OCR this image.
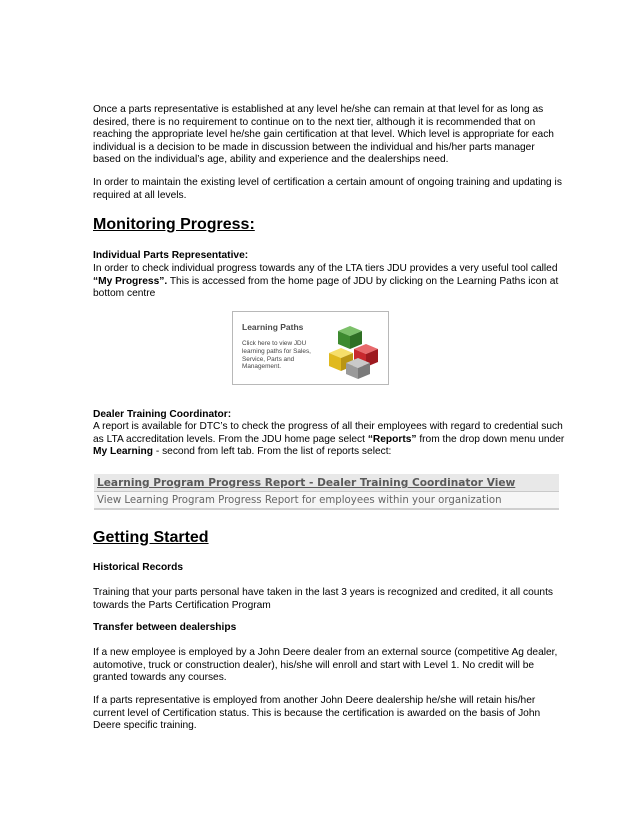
Once a parts representative is established at any level he/she can remain at that level for as long as desired, there is no requirement to continue on to the next tier, although it is recommended that on reaching the appropriate level he/she gain certification at that level. Which level is appropriate for each individual is a decision to be made in discussion between the individual and his/her parts manager based on the individual’s age, ability and experience and the dealerships need.

In order to maintain the existing level of certification a certain amount of ongoing training and updating is required at all levels.

Monitoring Progress:

Individual Parts Representative:

In order to check individual progress towards any of the LTA tiers JDU provides a very useful tool called “My Progress”. This is accessed from the home page of JDU by clicking on the Learning Paths icon at bottom centre

Learning Paths
Click here to view JDU learning paths for Sales, Service, Parts and Management.

Dealer Training Coordinator:

A report is available for DTC’s to check the progress of all their employees with regard to credential such as LTA accreditation levels. From the JDU home page select “Reports” from the drop down menu under My Learning - second from left tab. From the list of reports select:

Learning Program Progress Report - Dealer Training Coordinator View
View Learning Program Progress Report for employees within your organization
Getting Started

Historical Records

Training that your parts personal have taken in the last 3 years is recognized and credited, it all counts towards the Parts Certification Program

Transfer between dealerships

If a new employee is employed by a John Deere dealer from an external source (competitive Ag dealer, automotive, truck or construction dealer), his/she will enroll and start with Level 1. No credit will be granted towards any courses.

If a parts representative is employed from another John Deere dealership he/she will retain his/her current level of Certification status. This is because the certification is awarded on the basis of John Deere specific training.
